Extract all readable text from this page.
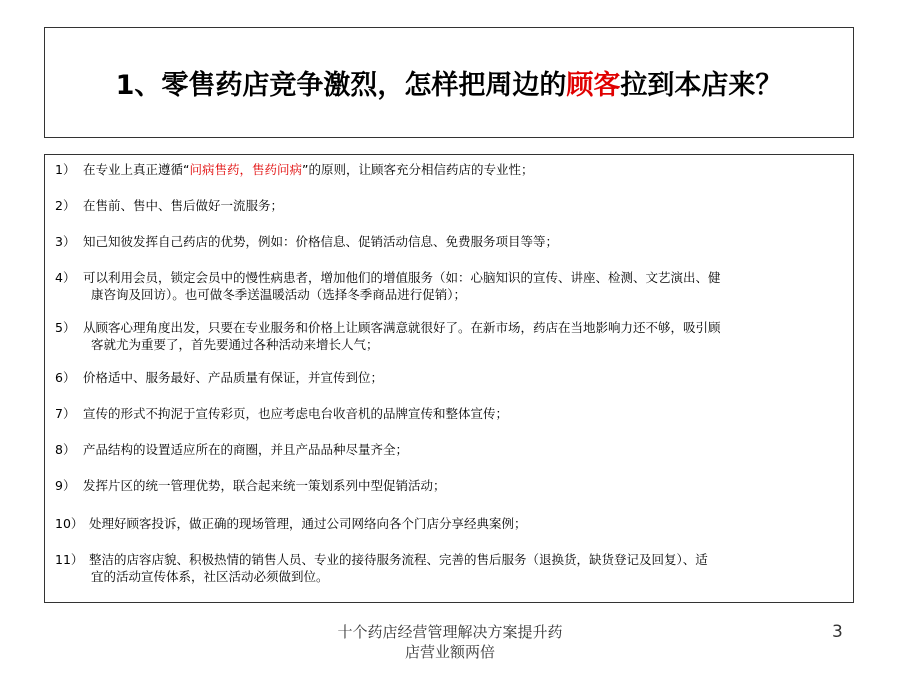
1、零售药店竞争激烈，怎样把周边的顾客拉到本店来？
1） 在专业上真正遵循“问病售药，售药问病”的原则，让顾客充分相信药店的专业性；
2） 在售前、售中、售后做好一流服务；
3） 知己知彼发挥自己药店的优势，例如：价格信息、促销活动信息、免费服务项目等等；
4） 可以利用会员，锁定会员中的慢性病患者，增加他们的增值服务（如：心脑知识的宣传、讲座、检测、文艺演出、健
康咨询及回访）。也可做冬季送温暖活动（选择冬季商品进行促销）；
5） 从顾客心理角度出发，只要在专业服务和价格上让顾客满意就很好了。在新市场，药店在当地影响力还不够，吸引顾
客就尤为重要了，首先要通过各种活动来增长人气；
6） 价格适中、服务最好、产品质量有保证，并宣传到位；
7） 宣传的形式不拘泥于宣传彩页，也应考虑电台收音机的品牌宣传和整体宣传；
8） 产品结构的设置适应所在的商圈，并且产品品种尽量齐全；
9） 发挥片区的统一管理优势，联合起来统一策划系列中型促销活动；
10） 处理好顾客投诉，做正确的现场管理，通过公司网络向各个门店分享经典案例；
11） 整洁的店容店貌、积极热情的销售人员、专业的接待服务流程、完善的售后服务（退换货，缺货登记及回复）、适
宜的活动宣传体系，社区活动必须做到位。
十个药店经营管理解决方案提升药
店营业额两倍
3
